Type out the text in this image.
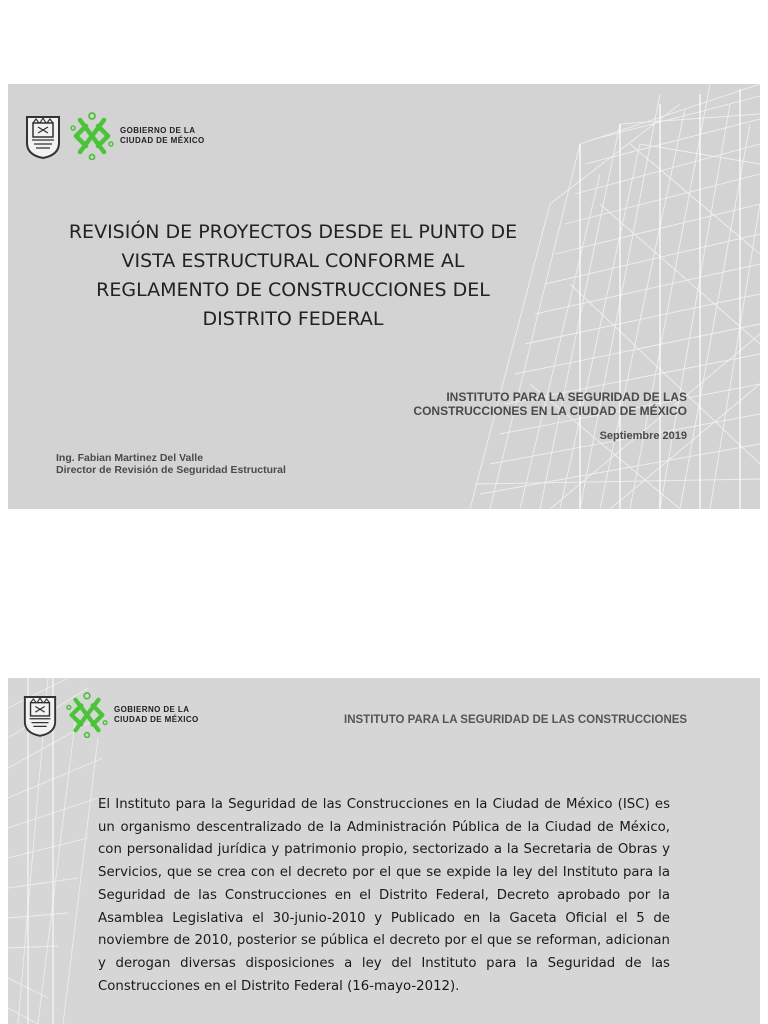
GOBIERNO DE LA
CIUDAD DE MÉXICO
REVISIÓN DE PROYECTOS DESDE EL PUNTO DE
VISTA ESTRUCTURAL CONFORME AL
REGLAMENTO DE CONSTRUCCIONES DEL
DISTRITO FEDERAL
INSTITUTO PARA LA SEGURIDAD DE LAS
CONSTRUCCIONES EN LA CIUDAD DE MÉXICO
Septiembre 2019
Ing. Fabian Martinez Del Valle
Director de Revisión de Seguridad Estructural
GOBIERNO DE LA
CIUDAD DE MÉXICO	INSTITUTO PARA LA SEGURIDAD DE LAS CONSTRUCCIONES

El Instituto para la Seguridad de las Construcciones en la Ciudad de México (ISC) es un organismo descentralizado de la Administración Pública de la Ciudad de México, con personalidad jurídica y patrimonio propio, sectorizado a la Secretaria de Obras y Servicios, que se crea con el decreto por el que se expide la ley del Instituto para la Seguridad de las Construcciones en el Distrito Federal, Decreto aprobado por la Asamblea Legislativa el 30-junio-2010 y Publicado en la Gaceta Oficial el 5 de noviembre de 2010, posterior se pública el decreto por el que se reforman, adicionan y derogan diversas disposiciones a ley del Instituto para la Seguridad de las Construcciones en el Distrito Federal (16-mayo-2012).
